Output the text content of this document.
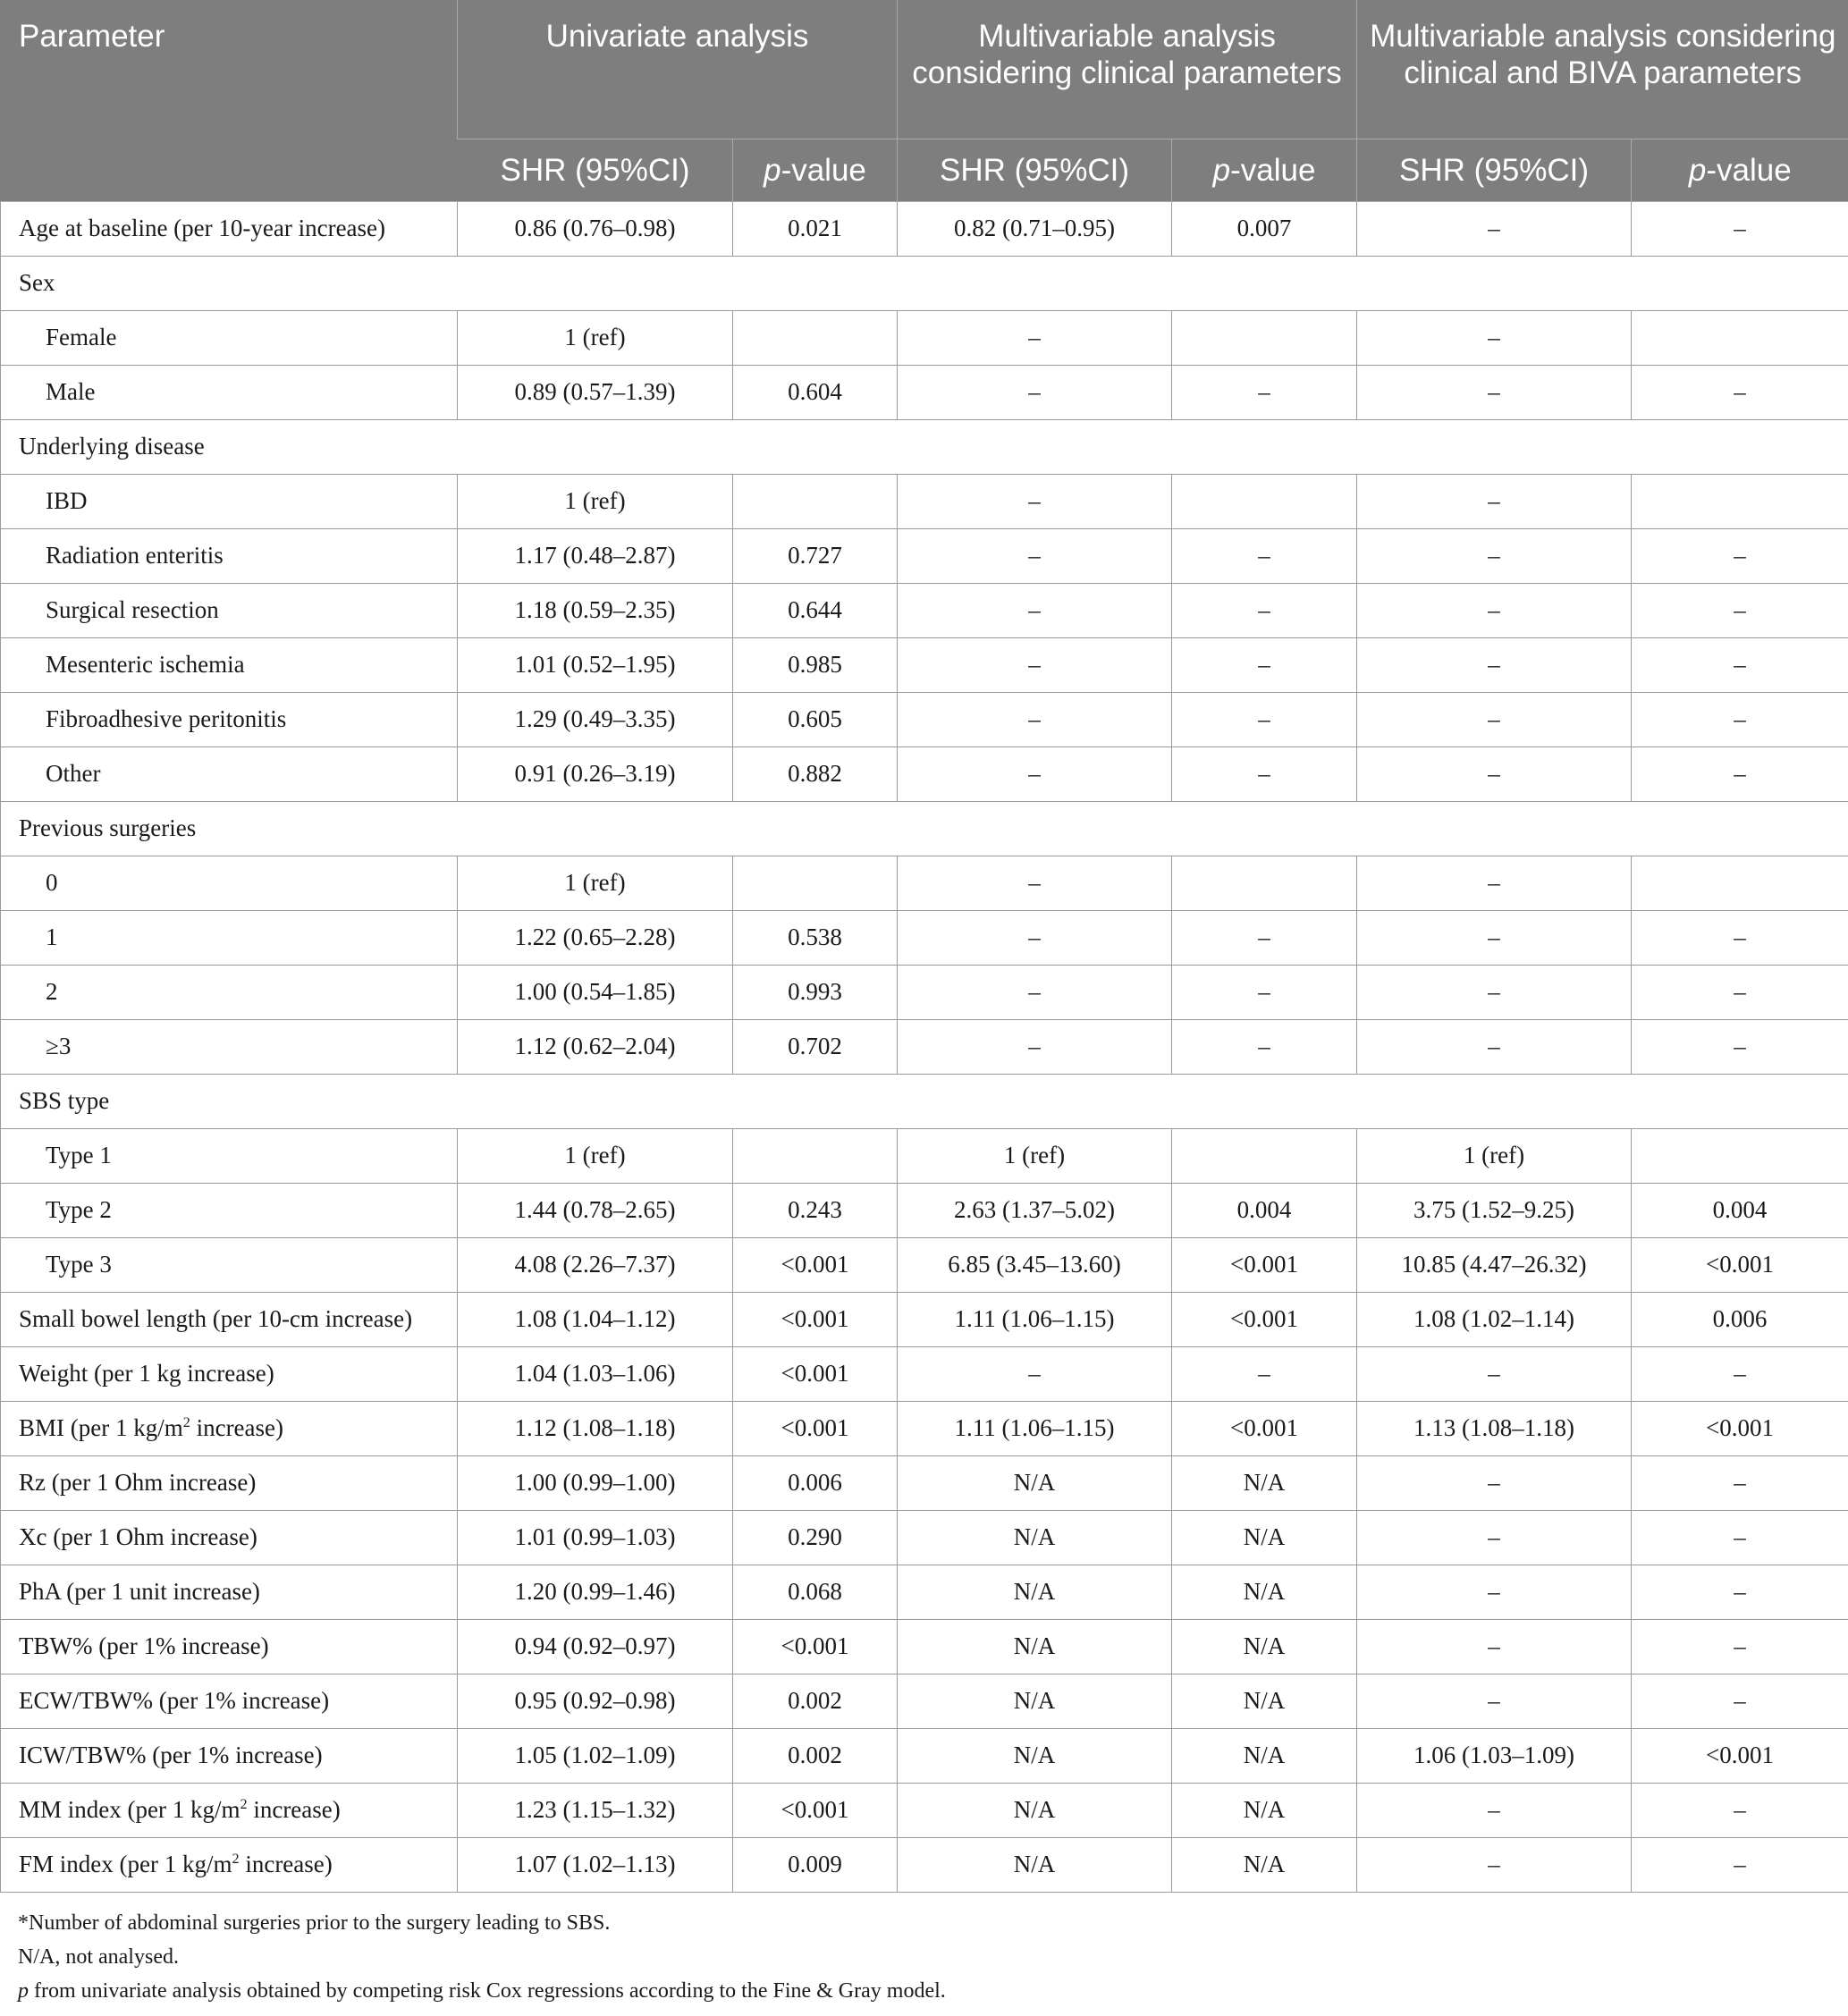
Parameter	Univariate analysis		Multivariable analysis considering clinical parameters		Multivariable analysis considering clinical and BIVA parameters	
	SHR (95%CI)	p-value	SHR (95%CI)	p-value	SHR (95%CI)	p-value
Age at baseline (per 10-year increase)	0.86 (0.76–0.98)	0.021	0.82 (0.71–0.95)	0.007	–	–
Sex						
Female	1 (ref)		–		–	
Male	0.89 (0.57–1.39)	0.604	–	–	–	–
Underlying disease						
IBD	1 (ref)		–		–	
Radiation enteritis	1.17 (0.48–2.87)	0.727	–	–	–	–
Surgical resection	1.18 (0.59–2.35)	0.644	–	–	–	–
Mesenteric ischemia	1.01 (0.52–1.95)	0.985	–	–	–	–
Fibroadhesive peritonitis	1.29 (0.49–3.35)	0.605	–	–	–	–
Other	0.91 (0.26–3.19)	0.882	–	–	–	–
Previous surgeries						
0	1 (ref)		–		–	
1	1.22 (0.65–2.28)	0.538	–	–	–	–
2	1.00 (0.54–1.85)	0.993	–	–	–	–
≥3	1.12 (0.62–2.04)	0.702	–	–	–	–
SBS type						
Type 1	1 (ref)		1 (ref)		1 (ref)	
Type 2	1.44 (0.78–2.65)	0.243	2.63 (1.37–5.02)	0.004	3.75 (1.52–9.25)	0.004
Type 3	4.08 (2.26–7.37)	<0.001	6.85 (3.45–13.60)	<0.001	10.85 (4.47–26.32)	<0.001
Small bowel length (per 10-cm increase)	1.08 (1.04–1.12)	<0.001	1.11 (1.06–1.15)	<0.001	1.08 (1.02–1.14)	0.006
Weight (per 1 kg increase)	1.04 (1.03–1.06)	<0.001	–	–	–	–
BMI (per 1 $kg/m^2$ increase)	1.12 (1.08–1.18)	<0.001	1.11 (1.06–1.15)	<0.001	1.13 (1.08–1.18)	<0.001
Rz (per 1 Ohm increase)	1.00 (0.99–1.00)	0.006	N/A	N/A	–	–
Xc (per 1 Ohm increase)	1.01 (0.99–1.03)	0.290	N/A	N/A	–	–
PhA (per 1 unit increase)	1.20 (0.99–1.46)	0.068	N/A	N/A	–	–
TBW% (per 1% increase)	0.94 (0.92–0.97)	<0.001	N/A	N/A	–	–
ECW/TBW% (per 1% increase)	0.95 (0.92–0.98)	0.002	N/A	N/A	–	–
ICW/TBW% (per 1% increase)	1.05 (1.02–1.09)	0.002	N/A	N/A	1.06 (1.03–1.09)	<0.001
MM index (per 1 $kg/m^2$ increase)	1.23 (1.15–1.32)	<0.001	N/A	N/A	–	–
FM index (per 1 $kg/m^2$ increase)	1.07 (1.02–1.13)	0.009	N/A	N/A	–	–
*Number of abdominal surgeries prior to the surgery leading to SBS.
N/A, not analysed.
p from univariate analysis obtained by competing risk Cox regressions according to the Fine & Gray model.
